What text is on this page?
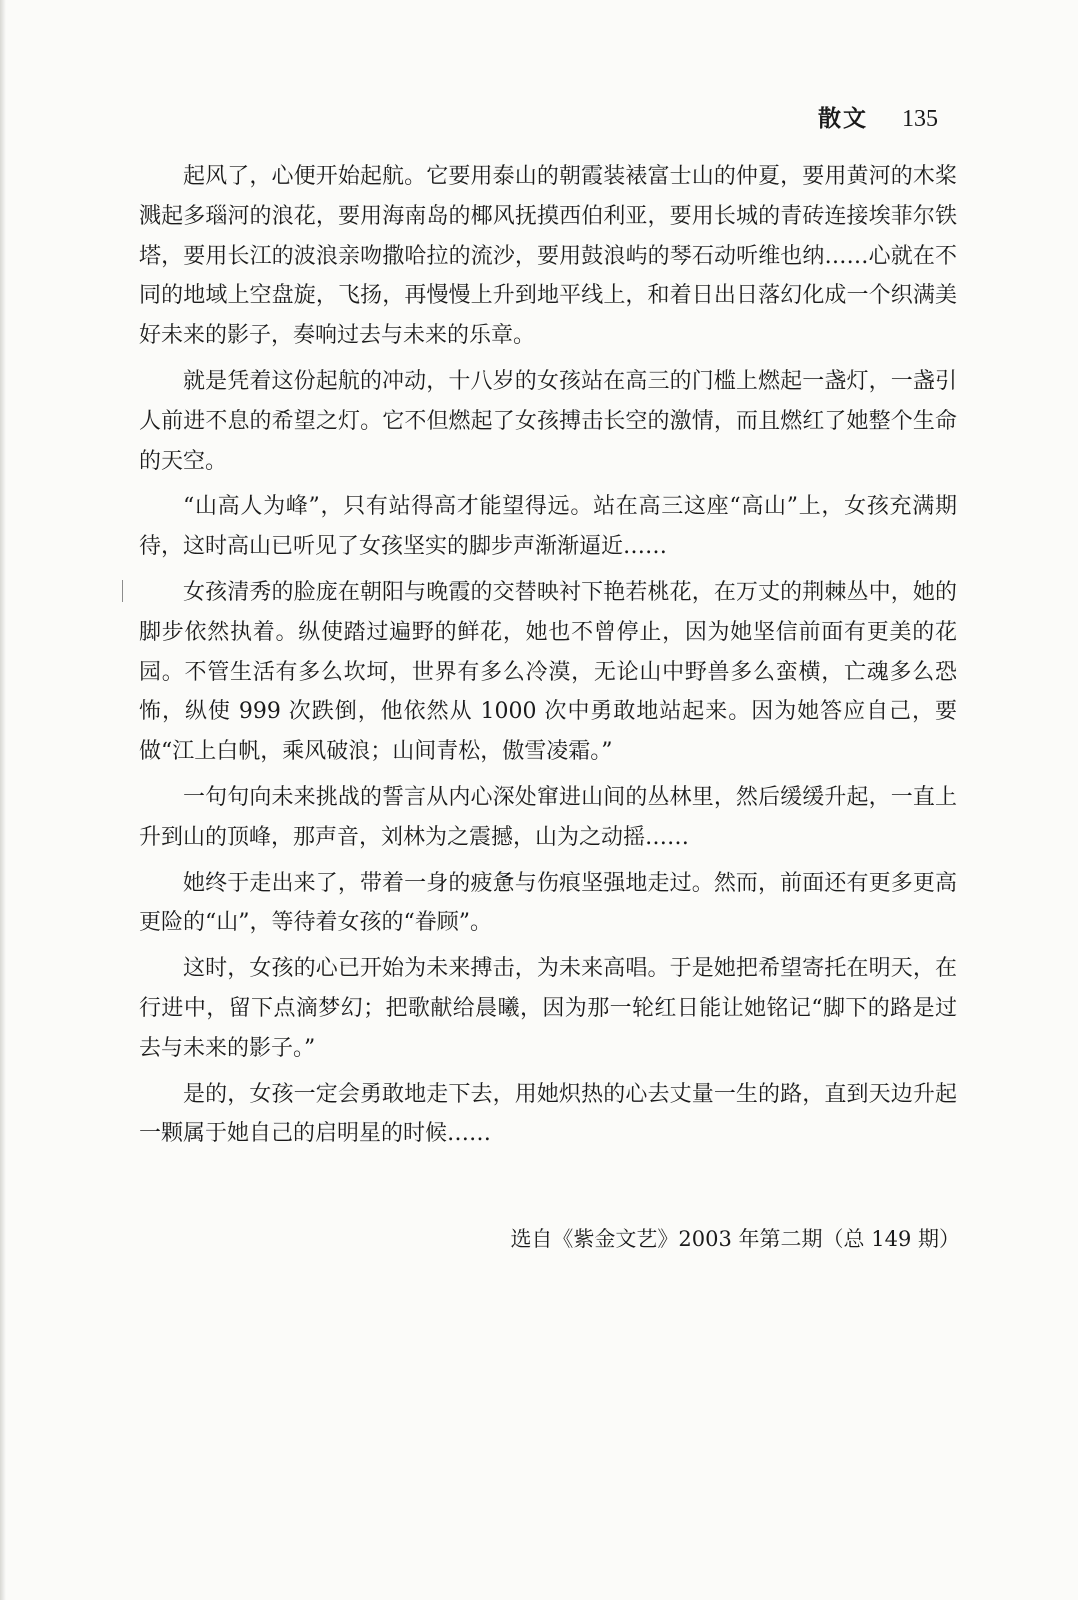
散文 135

起风了，心便开始起航。它要用泰山的朝霞装裱富士山的仲夏，要用黄河的木桨溅起多瑙河的浪花，要用海南岛的椰风抚摸西伯利亚，要用长城的青砖连接埃菲尔铁塔，要用长江的波浪亲吻撒哈拉的流沙，要用鼓浪屿的琴石动听维也纳……心就在不同的地域上空盘旋，飞扬，再慢慢上升到地平线上，和着日出日落幻化成一个织满美好未来的影子，奏响过去与未来的乐章。

就是凭着这份起航的冲动，十八岁的女孩站在高三的门槛上燃起一盏灯，一盏引人前进不息的希望之灯。它不但燃起了女孩搏击长空的激情，而且燃红了她整个生命的天空。

“山高人为峰”，只有站得高才能望得远。站在高三这座“高山”上，女孩充满期待，这时高山已听见了女孩坚实的脚步声渐渐逼近……

女孩清秀的脸庞在朝阳与晚霞的交替映衬下艳若桃花，在万丈的荆棘丛中，她的脚步依然执着。纵使踏过遍野的鲜花，她也不曾停止，因为她坚信前面有更美的花园。不管生活有多么坎坷，世界有多么冷漠，无论山中野兽多么蛮横，亡魂多么恐怖，纵使 999 次跌倒，他依然从 1000 次中勇敢地站起来。因为她答应自己，要做“江上白帆，乘风破浪；山间青松，傲雪凌霜。”

一句句向未来挑战的誓言从内心深处窜进山间的丛林里，然后缓缓升起，一直上升到山的顶峰，那声音，刘林为之震撼，山为之动摇……

她终于走出来了，带着一身的疲惫与伤痕坚强地走过。然而，前面还有更多更高更险的“山”，等待着女孩的“眷顾”。

这时，女孩的心已开始为未来搏击，为未来高唱。于是她把希望寄托在明天，在行进中，留下点滴梦幻；把歌献给晨曦，因为那一轮红日能让她铭记“脚下的路是过去与未来的影子。”

是的，女孩一定会勇敢地走下去，用她炽热的心去丈量一生的路，直到天边升起一颗属于她自己的启明星的时候……

选自《紫金文艺》2003 年第二期（总 149 期）
